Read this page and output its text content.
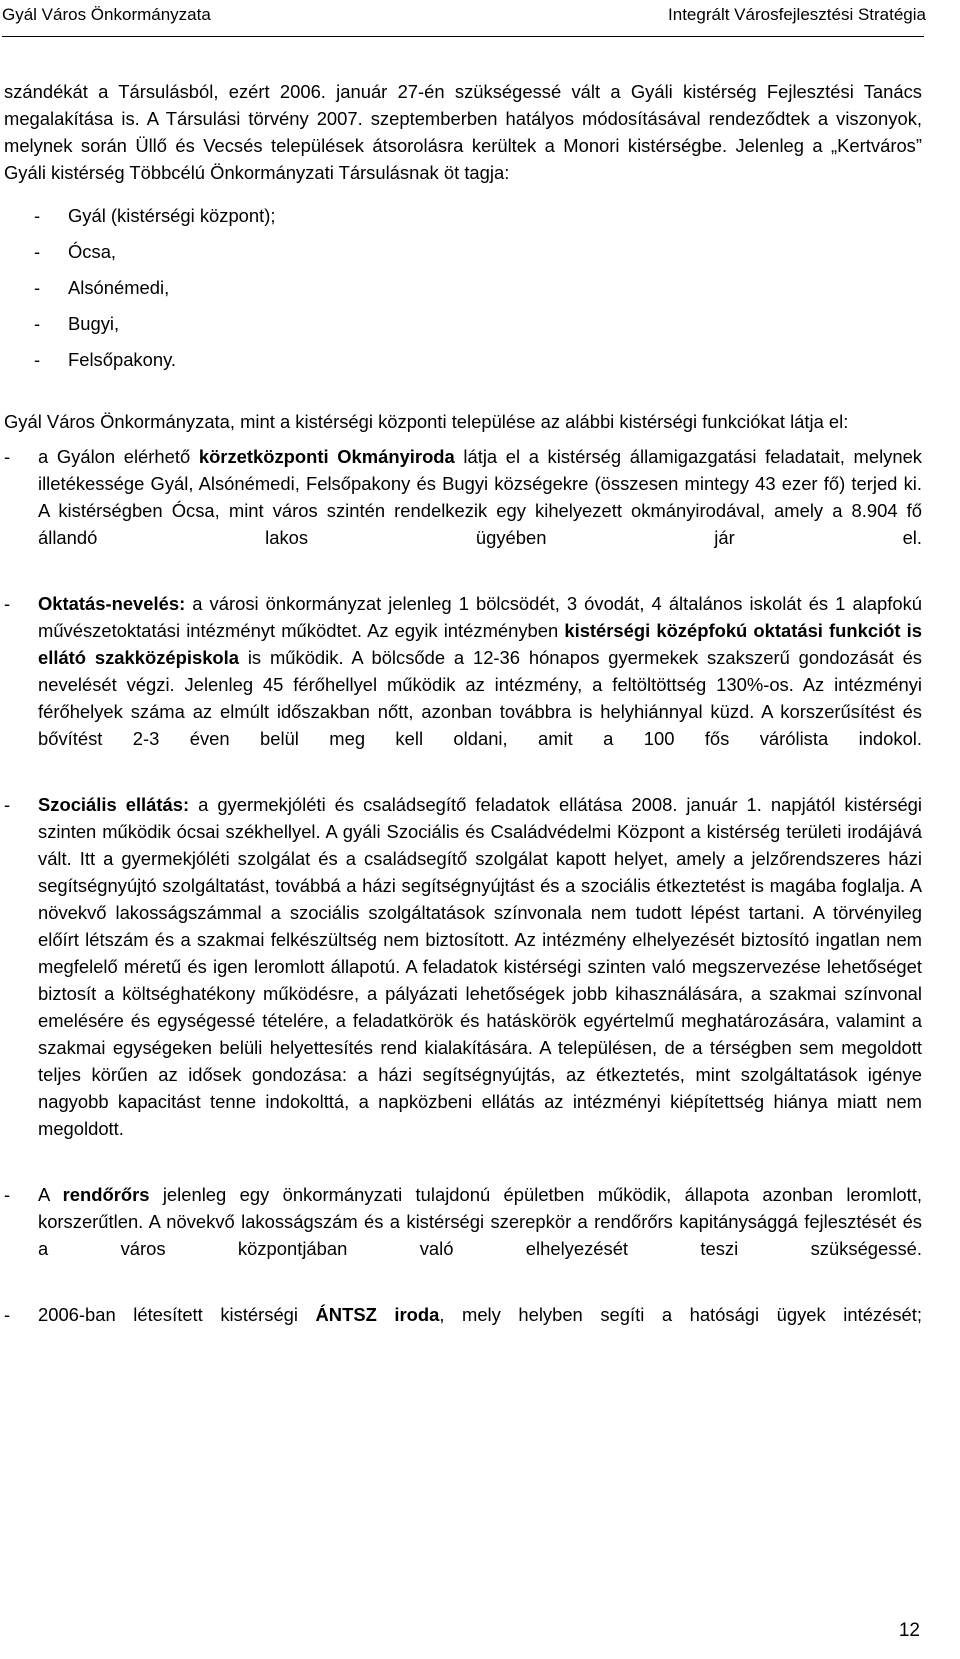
Gyál Város Önkormányzata	Integrált Városfejlesztési Stratégia

szándékát a Társulásból, ezért 2006. január 27-én szükségessé vált a Gyáli kistérség Fejlesztési Tanács megalakítása is. A Társulási törvény 2007. szeptemberben hatályos módosításával rendeződtek a viszonyok, melynek során Üllő és Vecsés települések átsorolásra kerültek a Monori kistérségbe. Jelenleg a „Kertváros” Gyáli kistérség Többcélú Önkormányzati Társulásnak öt tagja:

-	Gyál (kistérségi központ);
-	Ócsa,
-	Alsónémedi,
-	Bugyi,
-	Felsőpakony.

Gyál Város Önkormányzata, mint a kistérségi központi települése az alábbi kistérségi funkciókat látja el:

-	a Gyálon elérhető körzetközponti Okmányiroda látja el a kistérség államigazgatási feladatait, melynek illetékessége Gyál, Alsónémedi, Felsőpakony és Bugyi községekre (összesen mintegy 43 ezer fő) terjed ki. A kistérségben Ócsa, mint város szintén rendelkezik egy kihelyezett okmányirodával, amely a 8.904 fő állandó lakos ügyében jár el.
-	Oktatás-nevelés: a városi önkormányzat jelenleg 1 bölcsödét, 3 óvodát, 4 általános iskolát és 1 alapfokú művészetoktatási intézményt működtet. Az egyik intézményben kistérségi középfokú oktatási funkciót is ellátó szakközépiskola is működik. A bölcsőde a 12-36 hónapos gyermekek szakszerű gondozását és nevelését végzi. Jelenleg 45 férőhellyel működik az intézmény, a feltöltöttség 130%-os. Az intézményi férőhelyek száma az elmúlt időszakban nőtt, azonban továbbra is helyhiánnyal küzd. A korszerűsítést és bővítést 2-3 éven belül meg kell oldani, amit a 100 fős várólista indokol.
-	Szociális ellátás: a gyermekjóléti és családsegítő feladatok ellátása 2008. január 1. napjától kistérségi szinten működik ócsai székhellyel. A gyáli Szociális és Családvédelmi Központ a kistérség területi irodájává vált. Itt a gyermekjóléti szolgálat és a családsegítő szolgálat kapott helyet, amely a jelzőrendszeres házi segítségnyújtó szolgáltatást, továbbá a házi segítségnyújtást és a szociális étkeztetést is magába foglalja. A növekvő lakosságszámmal a szociális szolgáltatások színvonala nem tudott lépést tartani. A törvényileg előírt létszám és a szakmai felkészültség nem biztosított. Az intézmény elhelyezését biztosító ingatlan nem megfelelő méretű és igen leromlott állapotú. A feladatok kistérségi szinten való megszervezése lehetőséget biztosít a költséghatékony működésre, a pályázati lehetőségek jobb kihasználására, a szakmai színvonal emelésére és egységessé tételére, a feladatkörök és hatáskörök egyértelmű meghatározására, valamint a szakmai egységeken belüli helyettesítés rend kialakítására. A településen, de a térségben sem megoldott teljes körűen az idősek gondozása: a házi segítségnyújtás, az étkeztetés, mint szolgáltatások igénye nagyobb kapacitást tenne indokolttá, a napközbeni ellátás az intézményi kiépítettség hiánya miatt nem megoldott.
-	A rendőrőrs jelenleg egy önkormányzati tulajdonú épületben működik, állapota azonban leromlott, korszerűtlen. A növekvő lakosságszám és a kistérségi szerepkör a rendőrőrs kapitánysággá fejlesztését és a város központjában való elhelyezését teszi szükségessé.
-	2006-ban létesített kistérségi ÁNTSZ iroda, mely helyben segíti a hatósági ügyek intézését;
12
